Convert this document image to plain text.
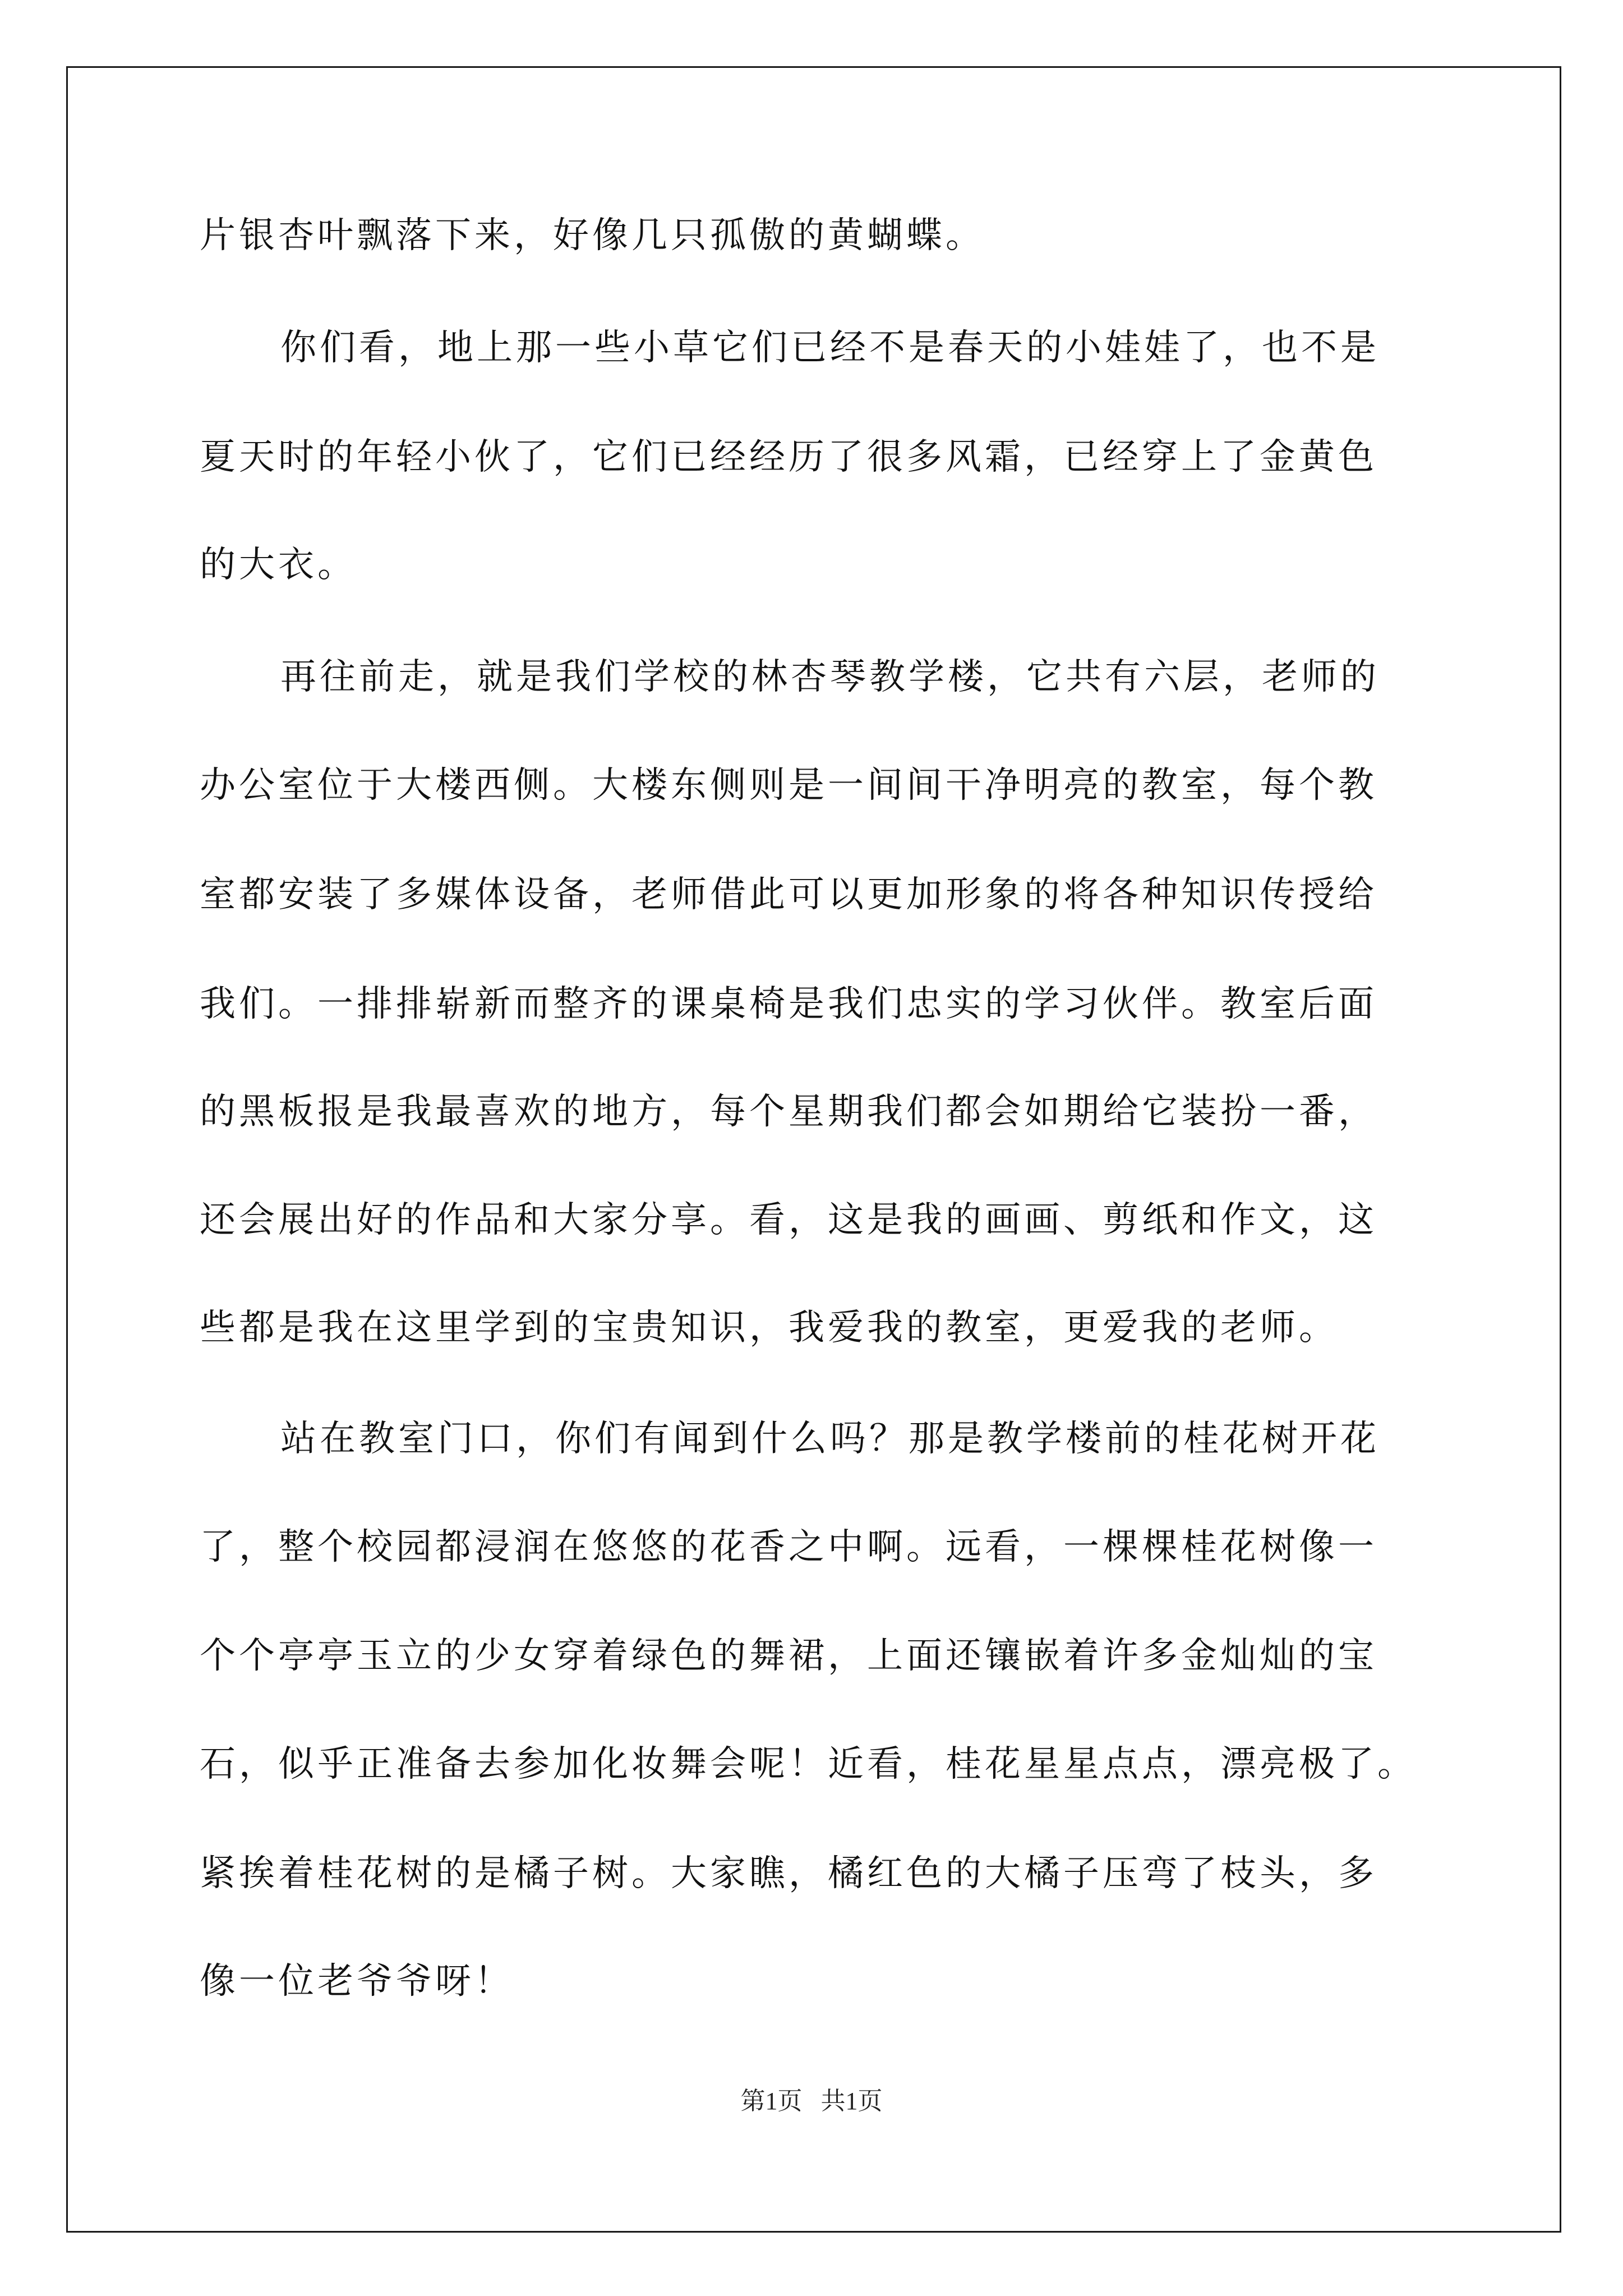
片银杏叶飘落下来，好像几只孤傲的黄蝴蝶。
你们看，地上那一些小草它们已经不是春天的小娃娃了，也不是
夏天时的年轻小伙了，它们已经经历了很多风霜，已经穿上了金黄色
的大衣。
再往前走，就是我们学校的林杏琴教学楼，它共有六层，老师的
办公室位于大楼西侧。大楼东侧则是一间间干净明亮的教室，每个教
室都安装了多媒体设备，老师借此可以更加形象的将各种知识传授给
我们。一排排崭新而整齐的课桌椅是我们忠实的学习伙伴。教室后面
的黑板报是我最喜欢的地方，每个星期我们都会如期给它装扮一番，
还会展出好的作品和大家分享。看，这是我的画画、剪纸和作文，这
些都是我在这里学到的宝贵知识，我爱我的教室，更爱我的老师。
站在教室门口，你们有闻到什么吗？那是教学楼前的桂花树开花
了，整个校园都浸润在悠悠的花香之中啊。远看，一棵棵桂花树像一
个个亭亭玉立的少女穿着绿色的舞裙，上面还镶嵌着许多金灿灿的宝
石，似乎正准备去参加化妆舞会呢！近看，桂花星星点点，漂亮极了。
紧挨着桂花树的是橘子树。大家瞧，橘红色的大橘子压弯了枝头，多
像一位老爷爷呀！
第1页   共1页
